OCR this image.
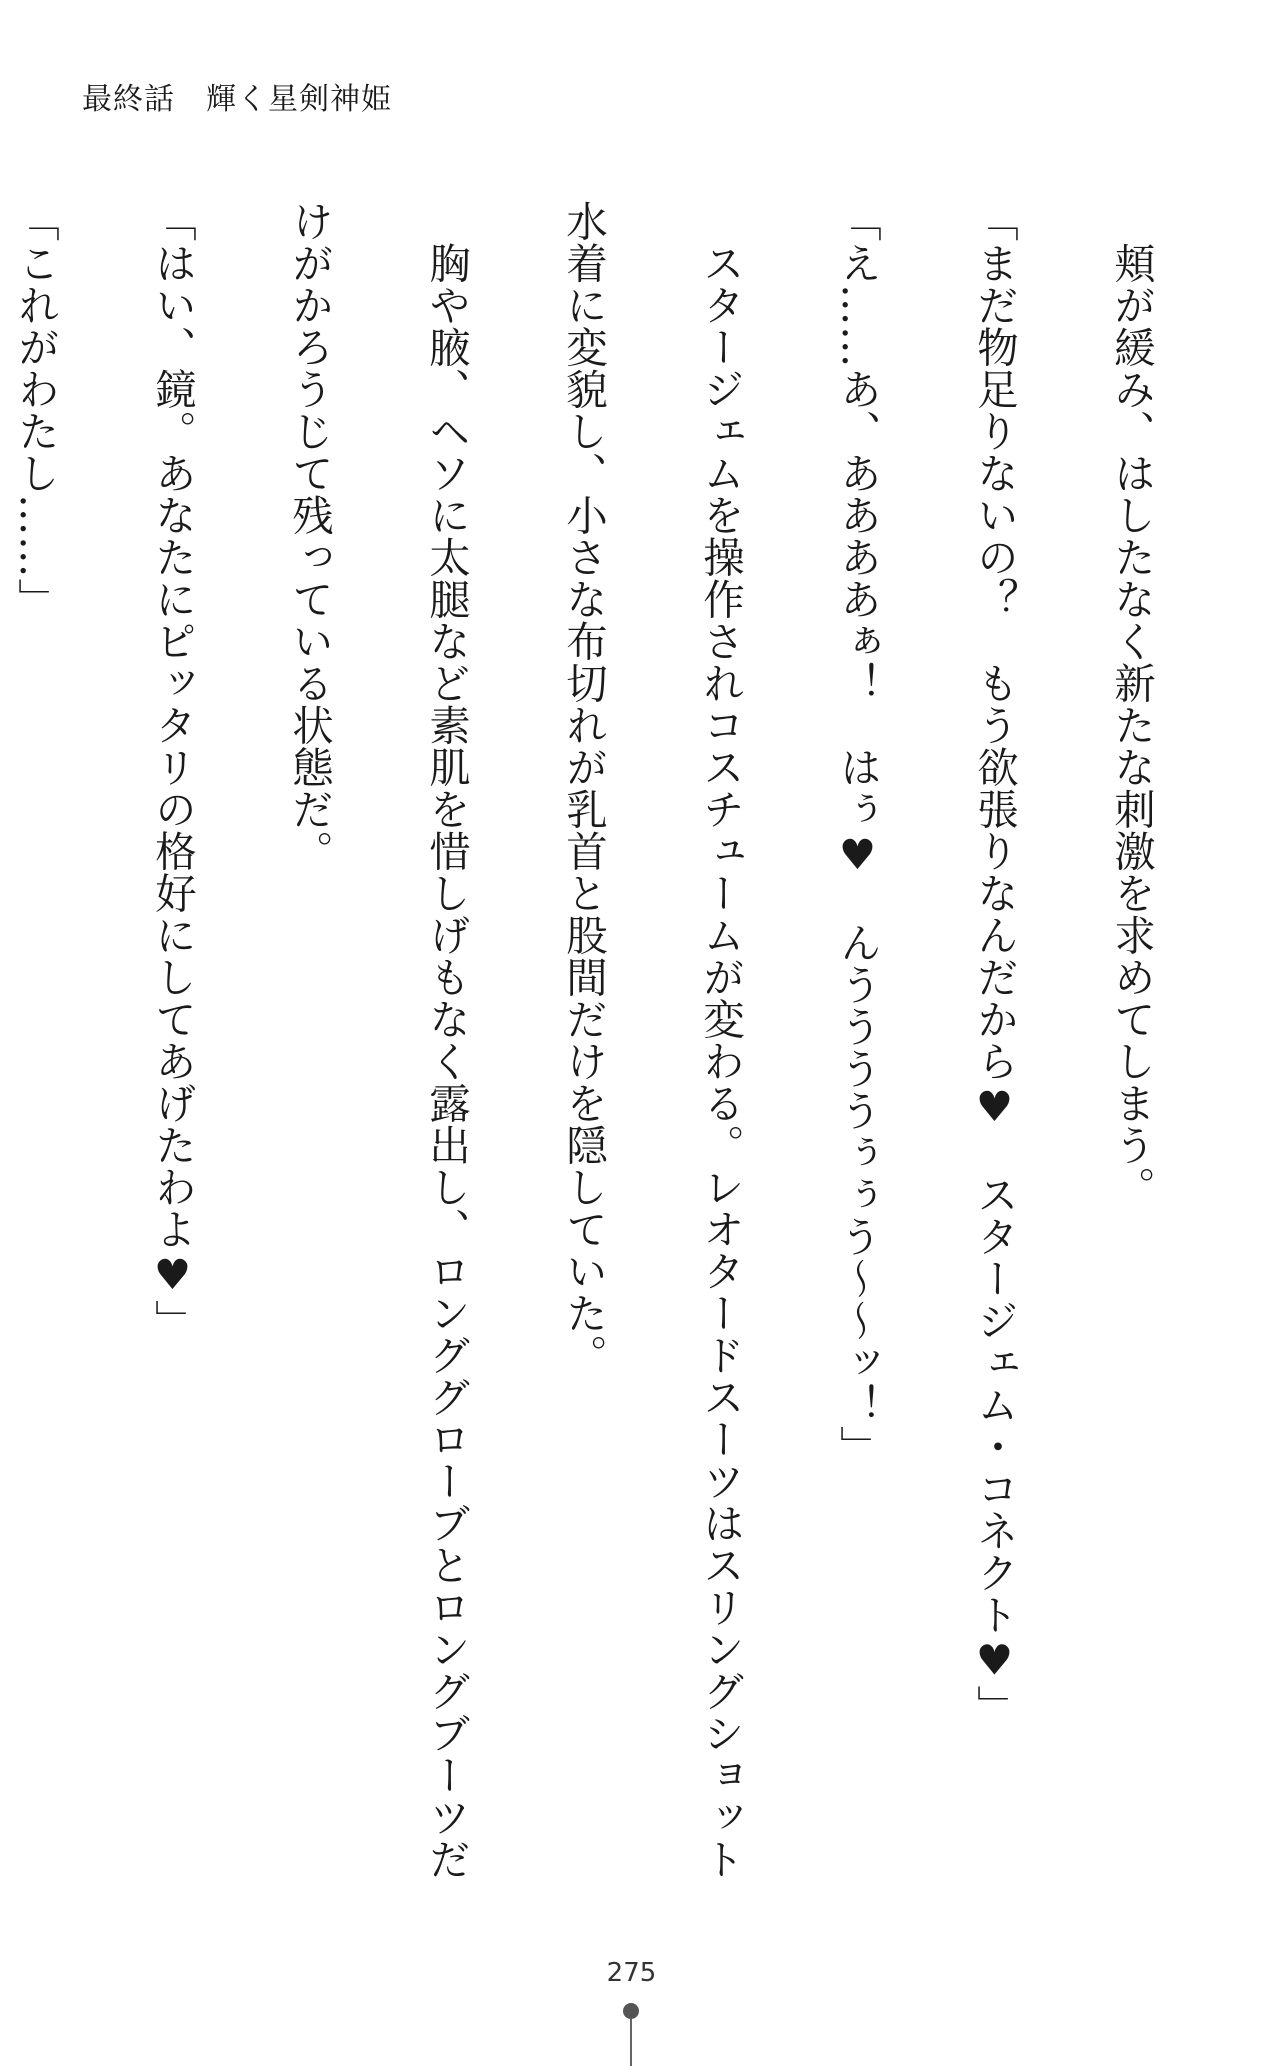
最終話　輝く星剣神姫

頬が緩み、はしたなく新たな刺激を求めてしまう。

「まだ物足りないの？　もう欲張りなんだから♥　スタージェム・コネクト♥」

「え……あ、ああああぁ！　はぅ♥　んううううぅぅう〜〜ッ！」

スタージェムを操作されコスチュームが変わる。レオタードスーツはスリングショット水着に変貌し、小さな布切れが乳首と股間だけを隠していた。

胸や腋、ヘソに太腿など素肌を惜しげもなく露出し、ロンググローブとロングブーツだけがかろうじて残っている状態だ。

「はい、鏡。あなたにピッタリの格好にしてあげたわよ♥」

「これがわたし……」

275
